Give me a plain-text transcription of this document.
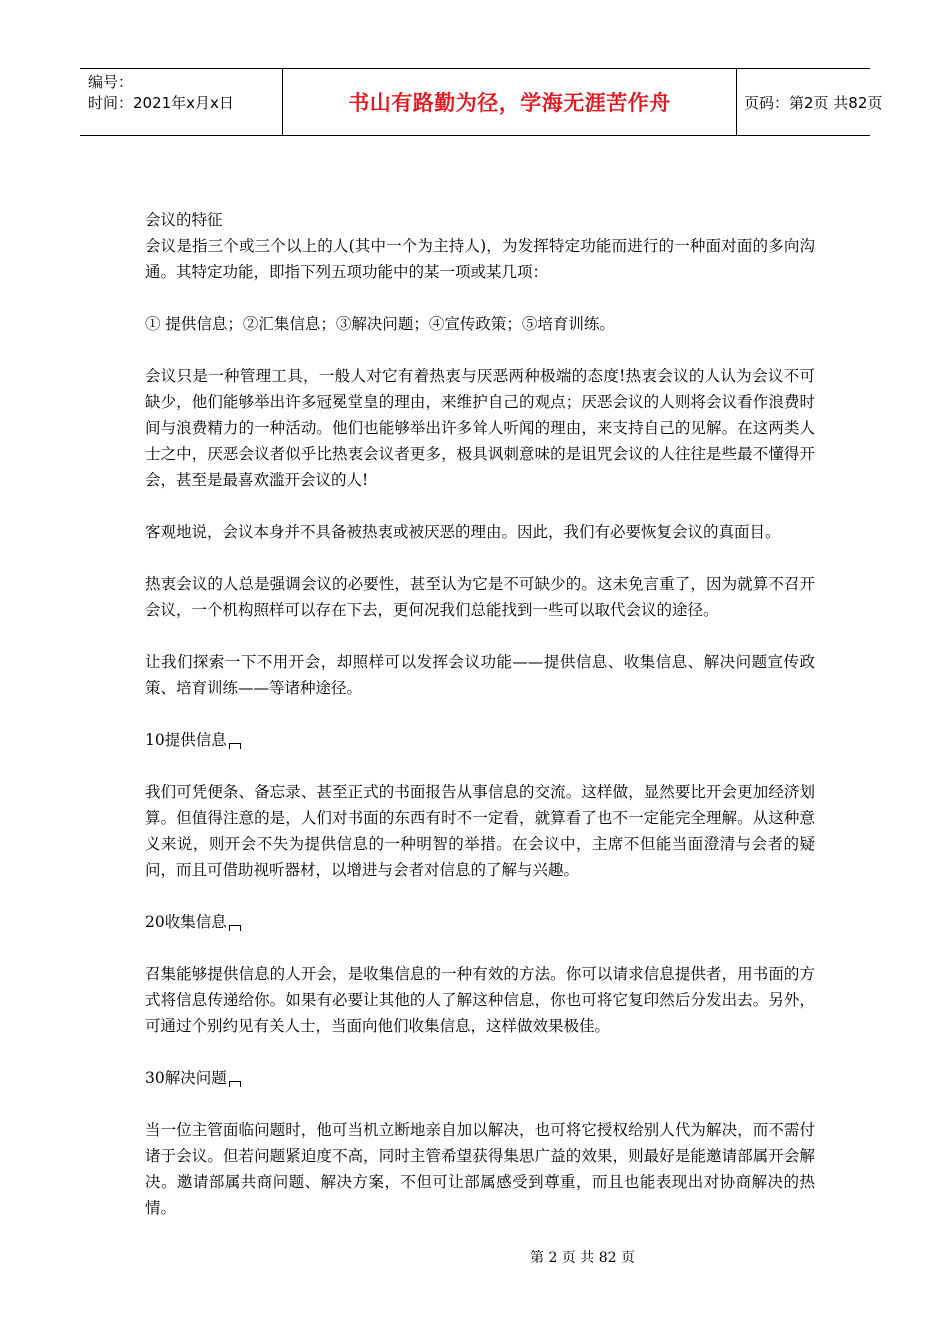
编号：
时间：2021年x月x日	书山有路勤为径，学海无涯苦作舟	页码：第2页 共82页

会议的特征

会议是指三个或三个以上的人(其中一个为主持人)，为发挥特定功能而进行的一种面对面的多向沟通。其特定功能，即指下列五项功能中的某一项或某几项：

① 提供信息；②汇集信息；③解决问题；④宣传政策；⑤培育训练。

会议只是一种管理工具，一般人对它有着热衷与厌恶两种极端的态度!热衷会议的人认为会议不可缺少，他们能够举出许多冠冕堂皇的理由，来维护自己的观点；厌恶会议的人则将会议看作浪费时间与浪费精力的一种活动。他们也能够举出许多耸人听闻的理由，来支持自己的见解。在这两类人士之中，厌恶会议者似乎比热衷会议者更多，极具讽刺意味的是诅咒会议的人往往是些最不懂得开会，甚至是最喜欢滥开会议的人!

客观地说，会议本身并不具备被热衷或被厌恶的理由。因此，我们有必要恢复会议的真面目。

热衷会议的人总是强调会议的必要性，甚至认为它是不可缺少的。这未免言重了，因为就算不召开会议，一个机构照样可以存在下去，更何况我们总能找到一些可以取代会议的途径。

让我们探索一下不用开会，却照样可以发挥会议功能——提供信息、收集信息、解决问题宣传政策、培育训练——等诸种途径。

10提供信息

我们可凭便条、备忘录、甚至正式的书面报告从事信息的交流。这样做，显然要比开会更加经济划算。但值得注意的是，人们对书面的东西有时不一定看，就算看了也不一定能完全理解。从这种意义来说，则开会不失为提供信息的一种明智的举措。在会议中，主席不但能当面澄清与会者的疑问，而且可借助视听器材，以增进与会者对信息的了解与兴趣。

20收集信息

召集能够提供信息的人开会，是收集信息的一种有效的方法。你可以请求信息提供者，用书面的方式将信息传递给你。如果有必要让其他的人了解这种信息，你也可将它复印然后分发出去。另外，可通过个别约见有关人士，当面向他们收集信息，这样做效果极佳。

30解决问题

当一位主管面临问题时，他可当机立断地亲自加以解决，也可将它授权给别人代为解决，而不需付诸于会议。但若问题紧迫度不高，同时主管希望获得集思广益的效果，则最好是能邀请部属开会解决。邀请部属共商问题、解决方案，不但可让部属感受到尊重，而且也能表现出对协商解决的热情。

第 2 页 共 82 页
